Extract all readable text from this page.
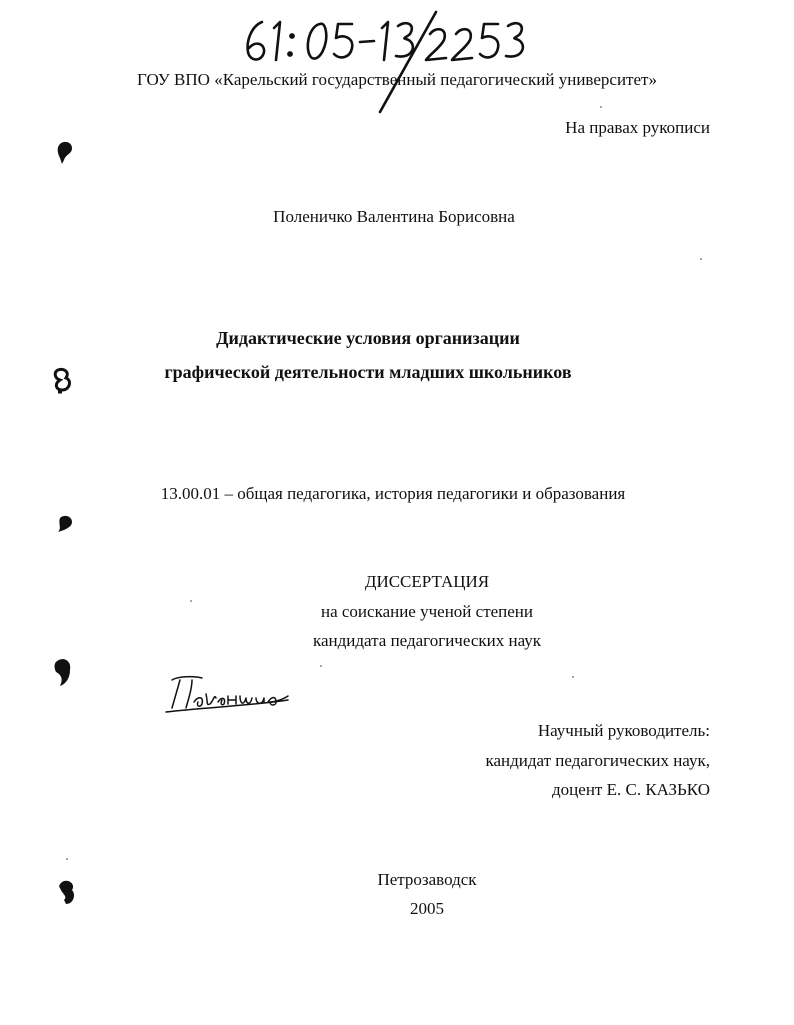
ГОУ ВПО «Карельский государственный педагогический университет»
На правах рукописи
Поленичко Валентина Борисовна
Дидактические условия организации
графической деятельности младших школьников
13.00.01 – общая педагогика, история педагогики и образования
ДИССЕРТАЦИЯ
на соискание ученой степени
кандидата педагогических наук
Научный руководитель:
кандидат педагогических наук,
доцент Е. С. КАЗЬКО
Петрозаводск
2005
